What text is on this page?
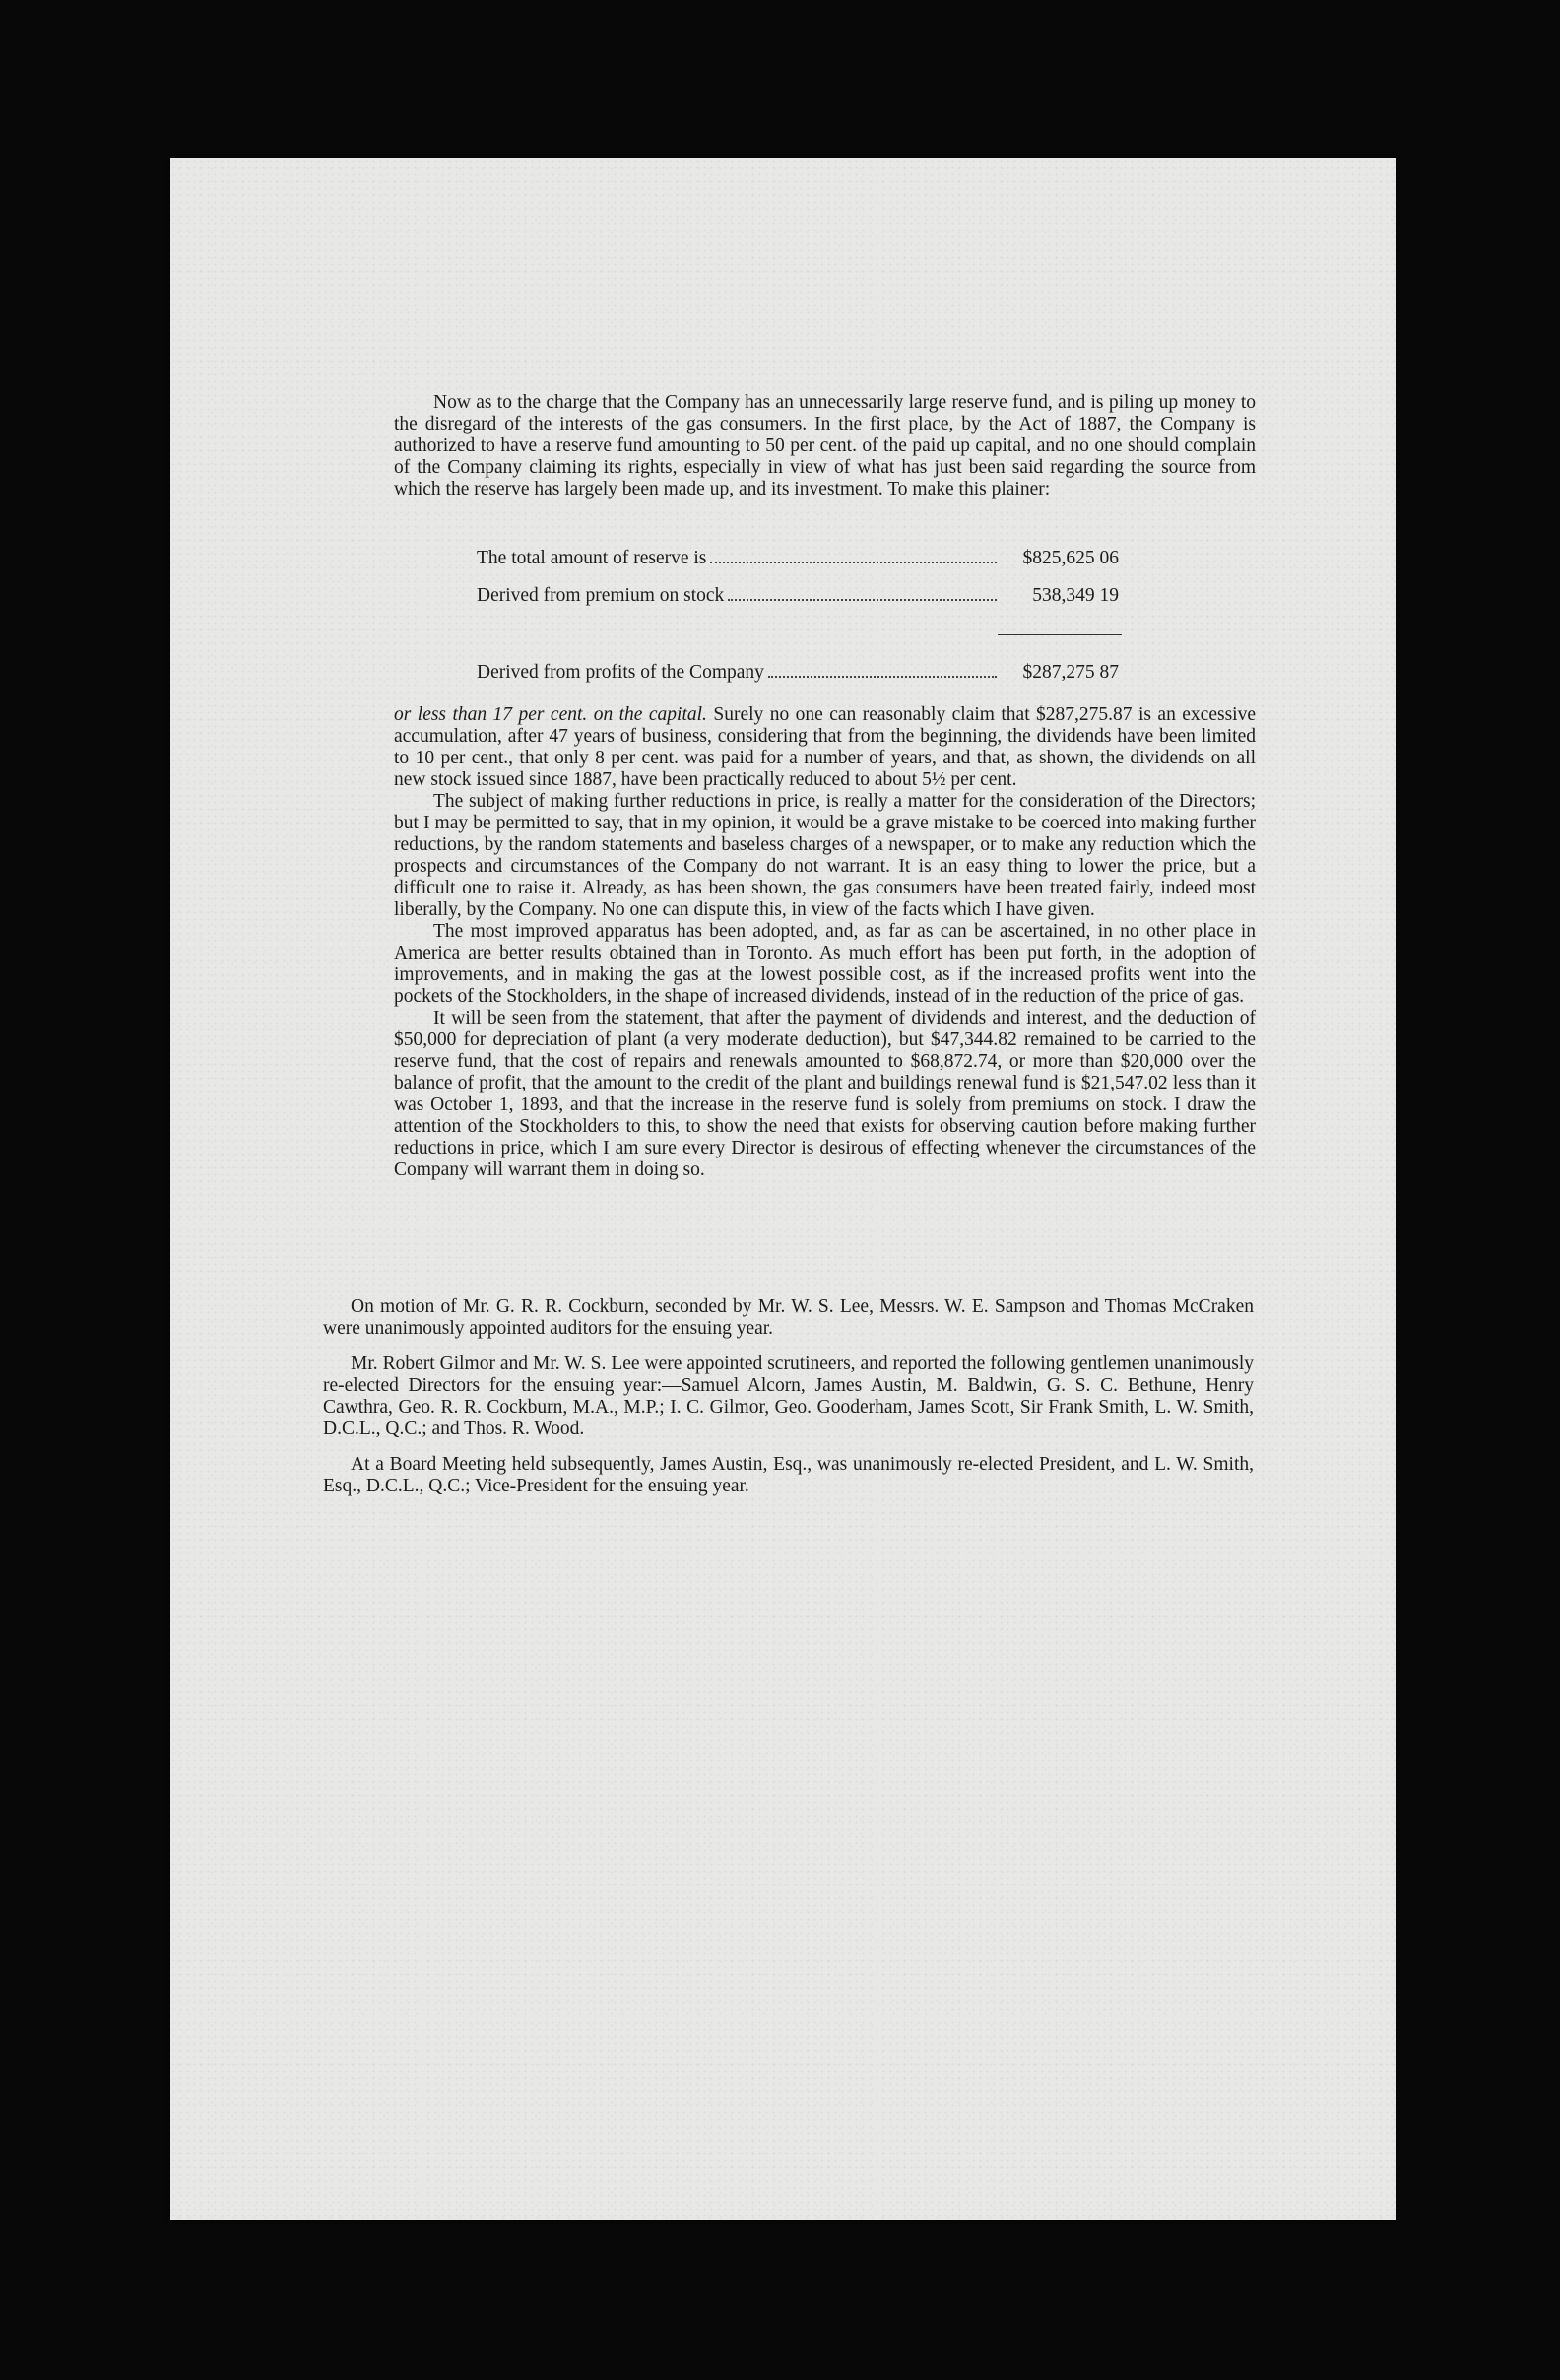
Now as to the charge that the Company has an unnecessarily large reserve fund, and is piling up money to the disregard of the interests of the gas consumers. In the first place, by the Act of 1887, the Company is authorized to have a reserve fund amounting to 50 per cent. of the paid up capital, and no one should complain of the Company claiming its rights, especially in view of what has just been said regarding the source from which the reserve has largely been made up, and its investment. To make this plainer:

The total amount of reserve is	$825,625 06
Derived from premium on stock	538,349 19
Derived from profits of the Company	$287,275 87

or less than 17 per cent. on the capital. Surely no one can reasonably claim that $287,275.87 is an excessive accumulation, after 47 years of business, considering that from the beginning, the dividends have been limited to 10 per cent., that only 8 per cent. was paid for a number of years, and that, as shown, the dividends on all new stock issued since 1887, have been practically reduced to about 5½ per cent.

The subject of making further reductions in price, is really a matter for the consideration of the Directors; but I may be permitted to say, that in my opinion, it would be a grave mistake to be coerced into making further reductions, by the random statements and baseless charges of a newspaper, or to make any reduction which the prospects and circumstances of the Company do not warrant. It is an easy thing to lower the price, but a difficult one to raise it. Already, as has been shown, the gas consumers have been treated fairly, indeed most liberally, by the Company. No one can dispute this, in view of the facts which I have given.

The most improved apparatus has been adopted, and, as far as can be ascertained, in no other place in America are better results obtained than in Toronto. As much effort has been put forth, in the adoption of improvements, and in making the gas at the lowest possible cost, as if the increased profits went into the pockets of the Stockholders, in the shape of increased dividends, instead of in the reduction of the price of gas.

It will be seen from the statement, that after the payment of dividends and interest, and the deduction of $50,000 for depreciation of plant (a very moderate deduction), but $47,344.82 remained to be carried to the reserve fund, that the cost of repairs and renewals amounted to $68,872.74, or more than $20,000 over the balance of profit, that the amount to the credit of the plant and buildings renewal fund is $21,547.02 less than it was October 1, 1893, and that the increase in the reserve fund is solely from premiums on stock. I draw the attention of the Stockholders to this, to show the need that exists for observing caution before making further reductions in price, which I am sure every Director is desirous of effecting whenever the circumstances of the Company will warrant them in doing so.

On motion of Mr. G. R. R. Cockburn, seconded by Mr. W. S. Lee, Messrs. W. E. Sampson and Thomas McCraken were unanimously appointed auditors for the ensuing year.

Mr. Robert Gilmor and Mr. W. S. Lee were appointed scrutineers, and reported the following gentlemen unanimously re-elected Directors for the ensuing year:—Samuel Alcorn, James Austin, M. Baldwin, G. S. C. Bethune, Henry Cawthra, Geo. R. R. Cockburn, M.A., M.P.; I. C. Gilmor, Geo. Gooderham, James Scott, Sir Frank Smith, L. W. Smith, D.C.L., Q.C.; and Thos. R. Wood.

At a Board Meeting held subsequently, James Austin, Esq., was unanimously re-elected President, and L. W. Smith, Esq., D.C.L., Q.C.; Vice-President for the ensuing year.
